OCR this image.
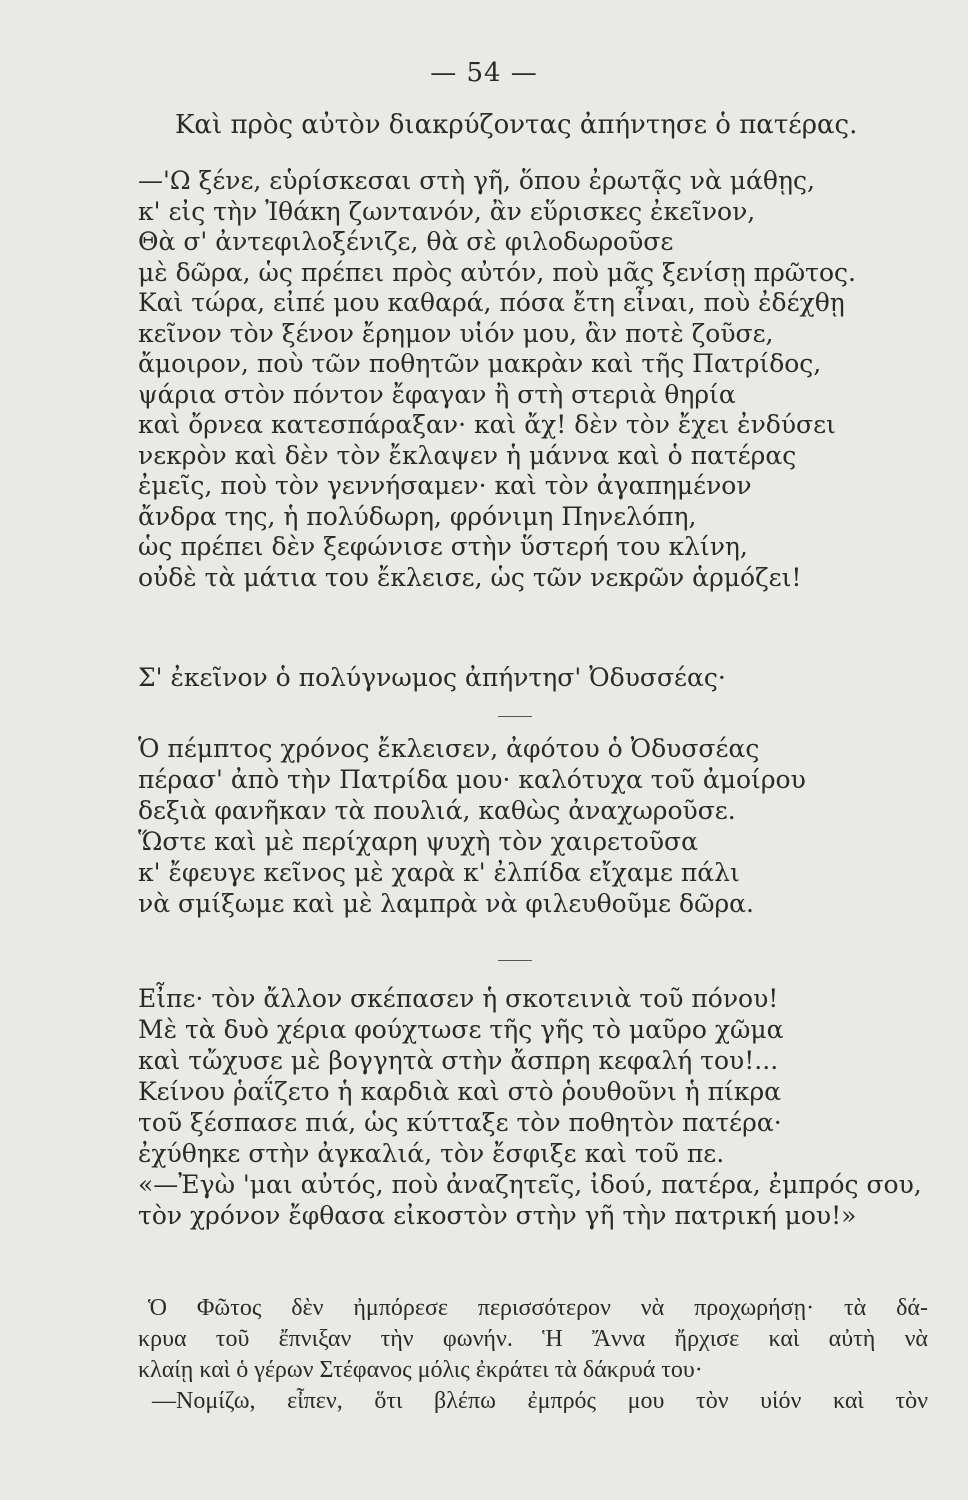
— 54 —
Καὶ πρὸς αὐτὸν διακρύζοντας ἀπήντησε ὁ πατέρας.
—'Ω ξένε, εὑρίσκεσαι στὴ γῆ, ὅπου ἐρωτᾷς νὰ μάθῃς,
κ' εἰς τὴν Ἰθάκη ζωντανόν, ἂν εὕρισκες ἐκεῖνον,
Θὰ σ' ἀντεφιλοξένιζε, θὰ σὲ φιλοδωροῦσε
μὲ δῶρα, ὡς πρέπει πρὸς αὐτόν, ποὺ μᾶς ξενίσῃ πρῶτος.
Καὶ τώρα, εἰπέ μου καθαρά, πόσα ἔτη εἶναι, ποὺ ἐδέχθῃ
κεῖνον τὸν ξένον ἔρημον υἱόν μου, ἂν ποτὲ ζοῦσε,
ἄμοιρον, ποὺ τῶν ποθητῶν μακρὰν καὶ τῆς Πατρίδος,
ψάρια στὸν πόντον ἔφαγαν ἢ στὴ στεριὰ θηρία
καὶ ὄρνεα κατεσπάραξαν· καὶ ἄχ! δὲν τὸν ἔχει ἐνδύσει
νεκρὸν καὶ δὲν τὸν ἔκλαψεν ἡ μάννα καὶ ὁ πατέρας
ἐμεῖς, ποὺ τὸν γεννήσαμεν· καὶ τὸν ἀγαπημένον
ἄνδρα της, ἡ πολύδωρη, φρόνιμη Πηνελόπη,
ὡς πρέπει δὲν ξεφώνισε στὴν ὕστερή του κλίνη,
οὐδὲ τὰ μάτια του ἔκλεισε, ὡς τῶν νεκρῶν ἁρμόζει!
Σ' ἐκεῖνον ὁ πολύγνωμος ἀπήντησ' Ὀδυσσέας·
Ὁ πέμπτος χρόνος ἔκλεισεν, ἀφότου ὁ Ὀδυσσέας
πέρασ' ἀπὸ τὴν Πατρίδα μου· καλότυχα τοῦ ἀμοίρου
δεξιὰ φανῆκαν τὰ πουλιά, καθὼς ἀναχωροῦσε.
Ὥστε καὶ μὲ περίχαρη ψυχὴ τὸν χαιρετοῦσα
κ' ἔφευγε κεῖνος μὲ χαρὰ κ' ἐλπίδα εἴχαμε πάλι
νὰ σμίξωμε καὶ μὲ λαμπρὰ νὰ φιλευθοῦμε δῶρα.
Εἶπε· τὸν ἄλλον σκέπασεν ἡ σκοτεινιὰ τοῦ πόνου!
Μὲ τὰ δυὸ χέρια φούχτωσε τῆς γῆς τὸ μαῦρο χῶμα
καὶ τὤχυσε μὲ βογγητὰ στὴν ἄσπρη κεφαλή του!...
Κείνου ῥαΐζετο ἡ καρδιὰ καὶ στὸ ῥουθοῦνι ἡ πίκρα
τοῦ ξέσπασε πιά, ὡς κύτταξε τὸν ποθητὸν πατέρα·
ἐχύθηκε στὴν ἀγκαλιά, τὸν ἔσφιξε καὶ τοῦ πε.
«—Ἐγὼ 'μαι αὐτός, ποὺ ἀναζητεῖς, ἰδού, πατέρα, ἐμπρός σου,
τὸν χρόνον ἔφθασα εἰκοστὸν στὴν γῆ τὴν πατρική μου!»
Ὁ Φῶτος δὲν ἠμπόρεσε περισσότερον νὰ προχωρήσῃ· τὰ δά-
κρυα τοῦ ἔπνιξαν τὴν φωνήν. Ἡ Ἄννα ἤρχισε καὶ αὐτὴ νὰ
κλαίῃ καὶ ὁ γέρων Στέφανος μόλις ἐκράτει τὰ δάκρυά του·
—Νομίζω, εἶπεν, ὅτι βλέπω ἐμπρός μου τὸν υἱόν καὶ τὸν
